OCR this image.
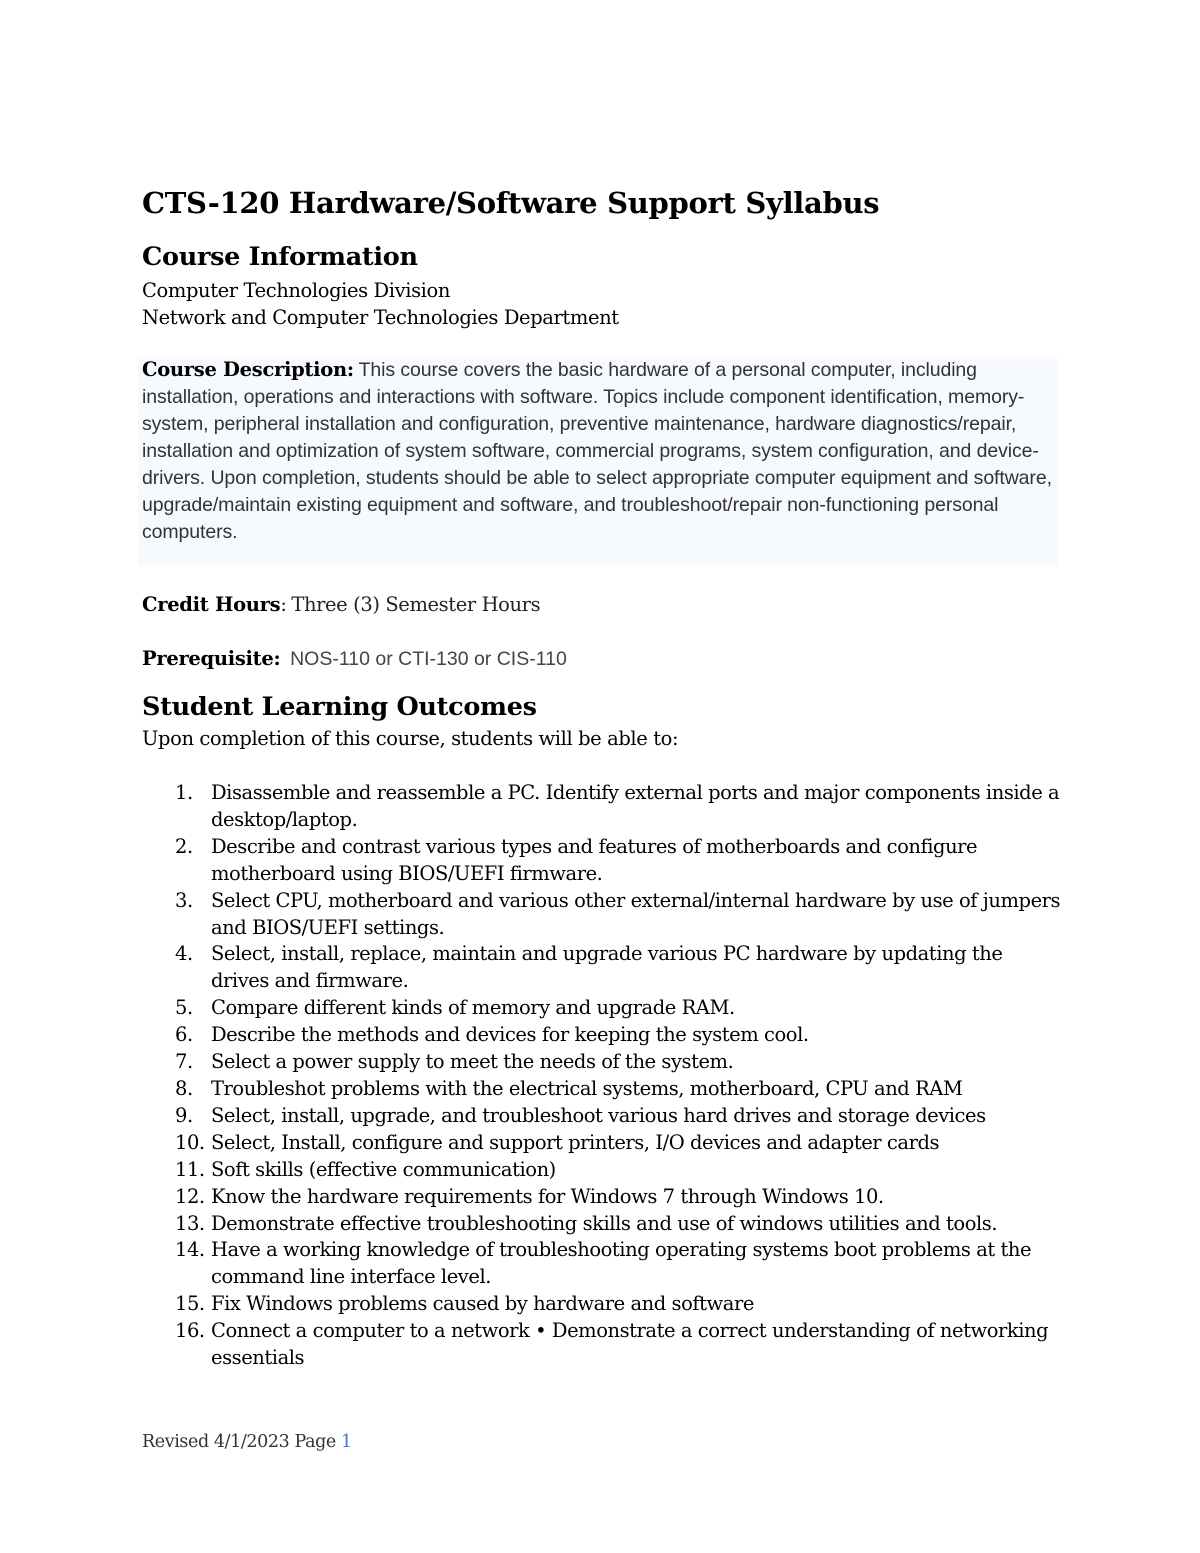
CTS-120 Hardware/Software Support Syllabus
Course Information
Computer Technologies Division
Network and Computer Technologies Department
Course Description: This course covers the basic hardware of a personal computer, including installation, operations and interactions with software. Topics include component identification, memory-system, peripheral installation and configuration, preventive maintenance, hardware diagnostics/repair, installation and optimization of system software, commercial programs, system configuration, and device-drivers. Upon completion, students should be able to select appropriate computer equipment and software, upgrade/maintain existing equipment and software, and troubleshoot/repair non-functioning personal computers.
Credit Hours: Three (3) Semester Hours
Prerequisite: NOS-110 or CTI-130 or CIS-110
Student Learning Outcomes
Upon completion of this course, students will be able to:
1. Disassemble and reassemble a PC. Identify external ports and major components inside a desktop/laptop.
2. Describe and contrast various types and features of motherboards and configure motherboard using BIOS/UEFI firmware.
3. Select CPU, motherboard and various other external/internal hardware by use of jumpers and BIOS/UEFI settings.
4. Select, install, replace, maintain and upgrade various PC hardware by updating the drives and firmware.
5. Compare different kinds of memory and upgrade RAM.
6. Describe the methods and devices for keeping the system cool.
7. Select a power supply to meet the needs of the system.
8. Troubleshot problems with the electrical systems, motherboard, CPU and RAM
9. Select, install, upgrade, and troubleshoot various hard drives and storage devices
10. Select, Install, configure and support printers, I/O devices and adapter cards
11. Soft skills (effective communication)
12. Know the hardware requirements for Windows 7 through Windows 10.
13. Demonstrate effective troubleshooting skills and use of windows utilities and tools.
14. Have a working knowledge of troubleshooting operating systems boot problems at the command line interface level.
15. Fix Windows problems caused by hardware and software
16. Connect a computer to a network • Demonstrate a correct understanding of networking essentials
Revised 4/1/2023 Page 1
